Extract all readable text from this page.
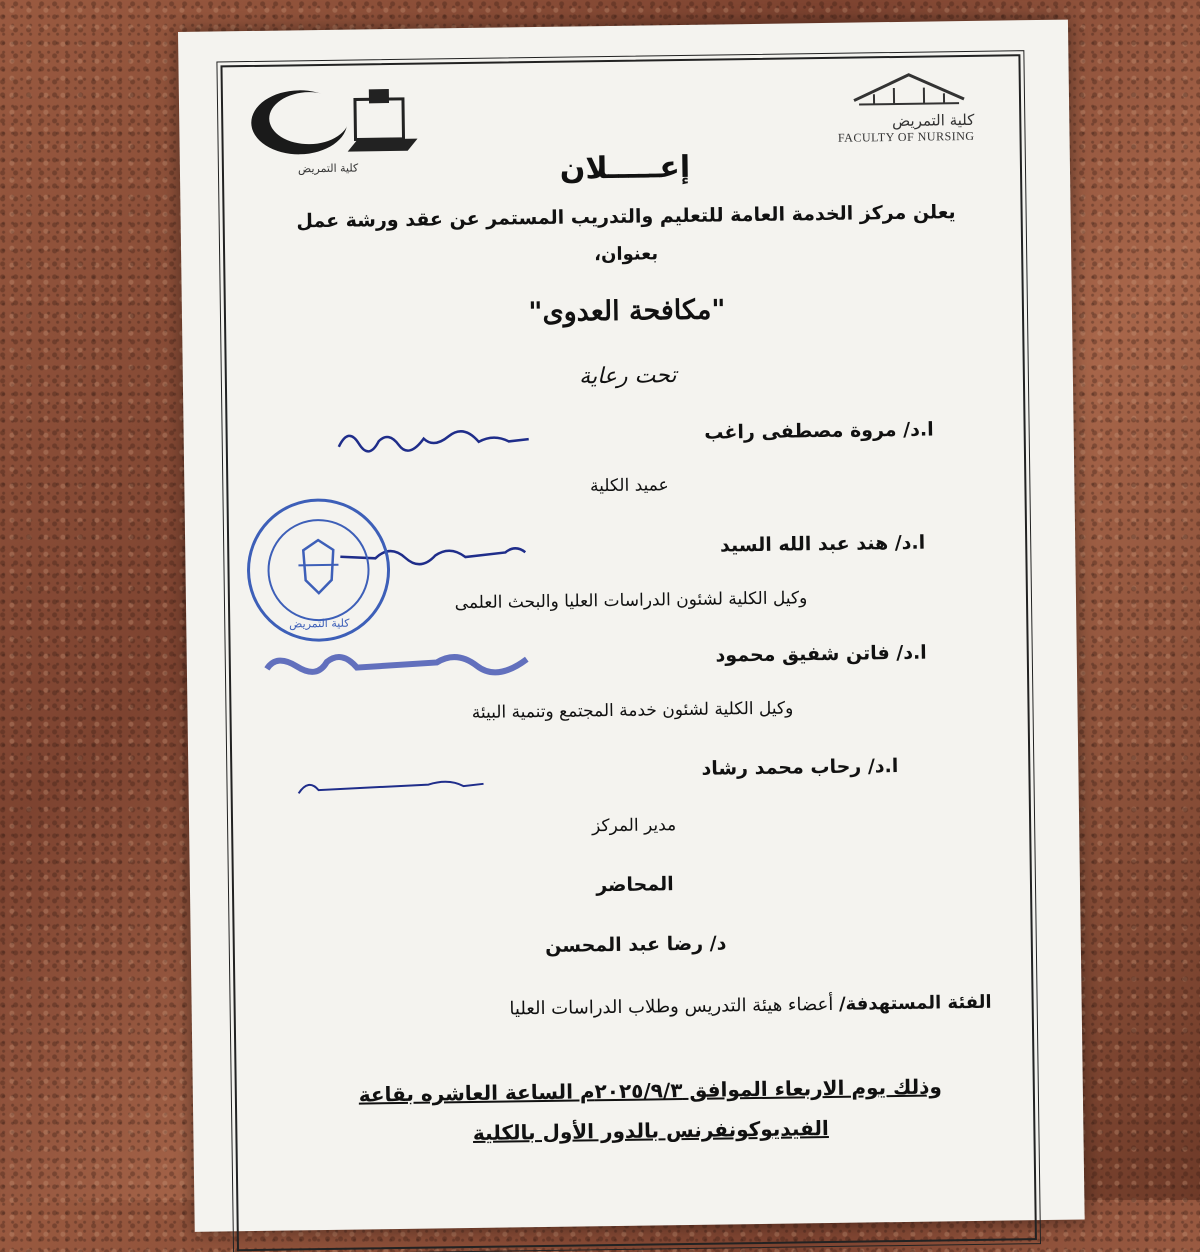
كلية التمريض
كلية التمريض
FACULTY OF NURSING
إعـــــلان
يعلن مركز الخدمة العامة للتعليم والتدريب المستمر عن عقد ورشة عمل
بعنوان،
"مكافحة العدوى"
تحت رعاية
ا.د/ مروة مصطفى راغب
عميد الكلية
ا.د/ هند عبد الله السيد
وكيل الكلية لشئون الدراسات العليا والبحث العلمى
ا.د/ فاتن شفيق محمود
وكيل الكلية لشئون خدمة المجتمع وتنمية البيئة
ا.د/ رحاب محمد رشاد
مدير المركز
كلية التمريض
المحاضر
د/ رضا عبد المحسن
الفئة المستهدفة/ أعضاء هيئة التدريس وطلاب الدراسات العليا
وذلك يوم الاربعاء الموافق ٢٠٢٥/٩/٣م الساعة العاشره بقاعة
الفيديوكونفرنس بالدور الأول بالكلية
